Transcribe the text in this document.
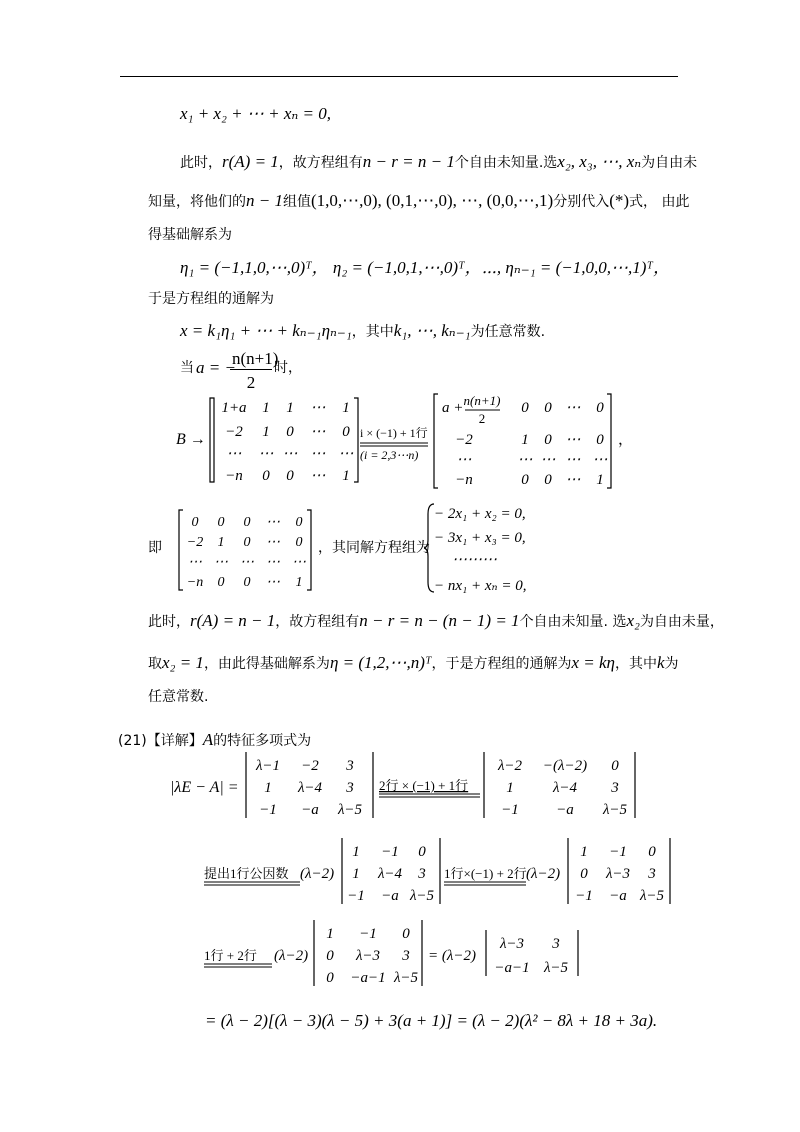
x₁ + x₂ + ⋯ + xₙ = 0,
此时，r(A) = 1，故方程组有n − r = n − 1个自由未知量.选x₂, x₃, ⋯, xₙ为自由未
知量，将他们的n − 1组值(1,0,⋯,0), (0,1,⋯,0), ⋯, (0,0,⋯,1)分别代入(*)式， 由此
得基础解系为
η₁ = (−1,1,0,⋯,0)ᵀ， η₂ = (−1,0,1,⋯,0)ᵀ，⋯, ηₙ₋₁ = (−1,0,0,⋯,1)ᵀ，
于是方程组的通解为
x = k₁η₁ + ⋯ + kₙ₋₁ηₙ₋₁，其中k₁, ⋯, kₙ₋₁为任意常数.
当 a = −
n(n+1)
2
时，
B →
1+a 1 1 ⋯ 1
−2 1 0 ⋯ 0
⋯ ⋯ ⋯ ⋯ ⋯
−n 0 0 ⋯ 1
i × (−1) + 1行
(i = 2,3⋯n)
a + n(n+1)
2
0 0 ⋯ 0
−2	1 0 ⋯ 0
⋯	⋯ ⋯ ⋯ ⋯
−n	0 0 ⋯ 1
，
即
0 0 0 ⋯ 0
−2 1 0 ⋯ 0
⋯ ⋯ ⋯ ⋯ ⋯
−n 0 0 ⋯ 1
，其同解方程组为
− 2x₁ + x₂ = 0,
− 3x₁ + x₃ = 0,
⋯⋯⋯
− nx₁ + xₙ = 0,
此时，r(A) = n − 1，故方程组有n − r = n − (n − 1) = 1个自由未知量. 选x₂为自由未量，
取x₂ = 1，由此得基础解系为η = (1,2,⋯,n)ᵀ，于是方程组的通解为x = kη，其中k为
任意常数.
(21)【详解】A的特征多项式为
|λE − A| =
λ−1 −2 3
1 λ−4 3
−1 −a λ−5
2行 × (−1) + 1行
λ−2 −(λ−2) 0
1	λ−4 3
−1 −a λ−5
提出1行公因数 (λ−2)
1 −1 0
1 λ−4 3
−1 −a λ−5
1行×(−1) + 2行 (λ−2)
1 −1 0
0 λ−3 3
−1 −a λ−5
1行 + 2行 (λ−2)
1 −1 0
0 λ−3 3
0 −a−1 λ−5
= (λ−2)
λ−3 3
−a−1 λ−5
= (λ − 2)[(λ − 3)(λ − 5) + 3(a + 1)] = (λ − 2)(λ² − 8λ + 18 + 3a).
